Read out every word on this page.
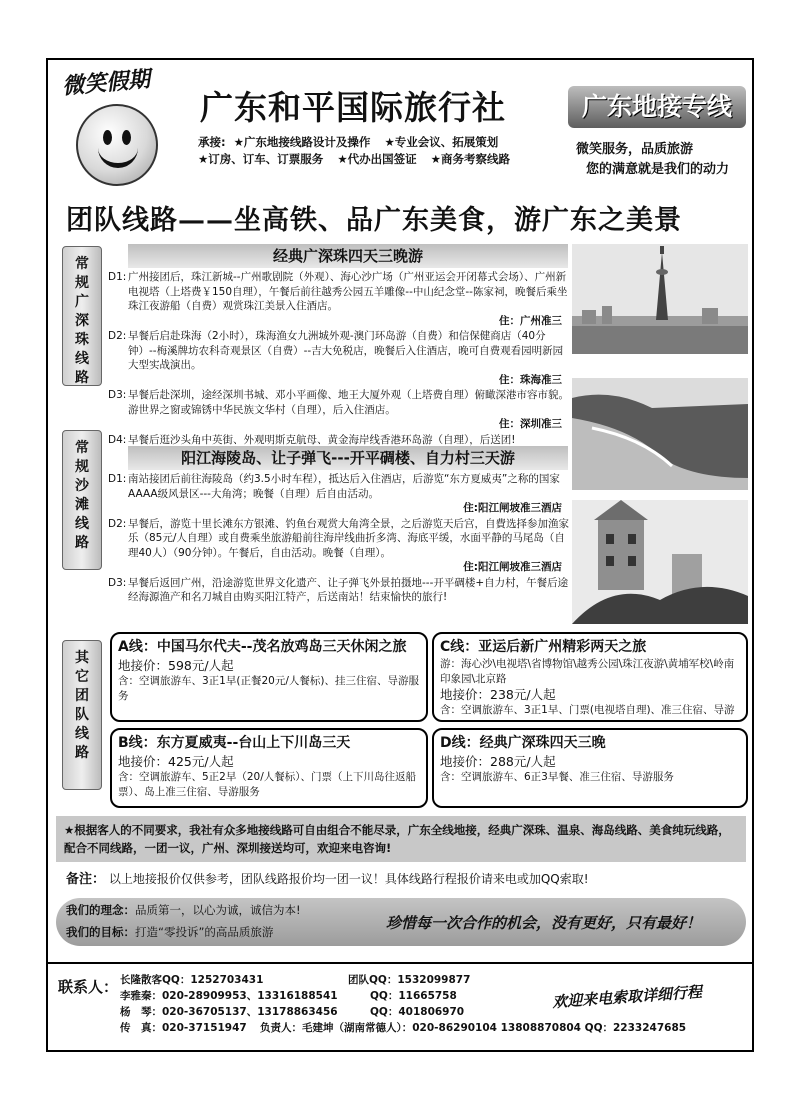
微笑假期
广东和平国际旅行社
承接: ★广东地接线路设计及操作 ★专业会议、拓展策划
★订房、订车、订票服务 ★代办出国签证 ★商务考察线路
广东地接专线
微笑服务，品质旅游
您的满意就是我们的动力
团队线路——坐高铁、品广东美食，游广东之美景
常规广深珠线路
常规沙滩线路
其它团队线路
经典广深珠四天三晚游
D1: 广州接团后，珠江新城--广州歌剧院（外观）、海心沙广场（广州亚运会开闭幕式会场）、广州新电视塔（上塔费￥150自理），午餐后前往越秀公园五羊雕像--中山纪念堂--陈家祠，晚餐后乘坐珠江夜游船（自费）观赏珠江美景入住酒店。
住：广州准三
D2: 早餐后启赴珠海（2小时），珠海渔女九洲城外观-澳门环岛游（自费）和信保健商店（40分钟）--梅溪牌坊农科奇观景区（自费）--吉大免税店，晚餐后入住酒店，晚可自费观看园明新园大型实战演出。
住：珠海准三
D3: 早餐后赴深圳，途经深圳书城、邓小平画像、地王大厦外观（上塔费自理）俯瞰深港市容市貌。游世界之窗或锦锈中华民族文华村（自理），后入住酒店。
住：深圳准三
D4: 早餐后逛沙头角中英街、外观明斯克航母、黄金海岸线香港环岛游（自理），后送团!
阳江海陵岛、让子弹飞---开平碉楼、自力村三天游
D1: 南站接团后前往海陵岛（约3.5小时车程），抵达后入住酒店，后游览“东方夏威夷”之称的国家AAAA级风景区---大角湾；晚餐（自理）后自由活动。
住:阳江闸坡准三酒店
D2: 早餐后，游览十里长滩东方银滩、钓鱼台观赏大角湾全景，之后游览天后宫，自費选择参加渔家乐（85元/人自理）或自费乘坐旅游船前往海岸线曲折多湾、海底平缓，水面平静的马尾岛（自理40人）（90分钟）。午餐后，自由活动。晚餐（自理）。
住:阳江闸坡准三酒店
D3: 早餐后返回广州，沿途游览世界文化遗产、让子弹飞外景拍摄地---开平碉楼+自力村，午餐后途经海源渔产和名刀城自由购买阳江特产，后送南站！结束愉快的旅行!
A线：中国马尔代夫--茂名放鸡岛三天休闲之旅
地接价：598元/人起
含：空调旅游车、3正1早(正餐20元/人餐标)、挂三住宿、导游服务
B线：东方夏威夷--台山上下川岛三天
地接价：425元/人起
含：空调旅游车、5正2早（20/人餐标）、门票（上下川岛往返船票）、岛上准三住宿、导游服务
C线：亚运后新广州精彩两天之旅
游：海心沙\电视塔\省博物馆\越秀公园\珠江夜游\黄埔军校\岭南印象园\北京路
地接价：238元/人起
含：空调旅游车、3正1早、门票(电视塔自理)、准三住宿、导游
D线：经典广深珠四天三晚
地接价：288元/人起
含：空调旅游车、6正3早餐、准三住宿、导游服务
★根据客人的不同要求，我社有众多地接线路可自由组合不能尽录，广东全线地接，经典广深珠、温泉、海岛线路、美食纯玩线路，配合不同线路，一团一议，广州、深圳接送均可，欢迎来电咨询!
备注： 以上地接报价仅供参考，团队线路报价均一团一议！具体线路行程报价请来电或加QQ索取!
我们的理念：品质第一，以心为诚，诚信为本!
我们的目标：打造“零投诉”的高品质旅游	珍惜每一次合作的机会，没有更好，只有最好！
联系人： 长隆散客QQ：1252703431	团队QQ：1532099877
李雅秦：020-28909953、13316188541	QQ：11665758
杨　琴：020-36705137、13178863456	QQ：401806970
传　真：020-37151947 负责人：毛建坤（湖南常德人）：020-86290104 13808870804 QQ：2233247685
欢迎来电索取详细行程
